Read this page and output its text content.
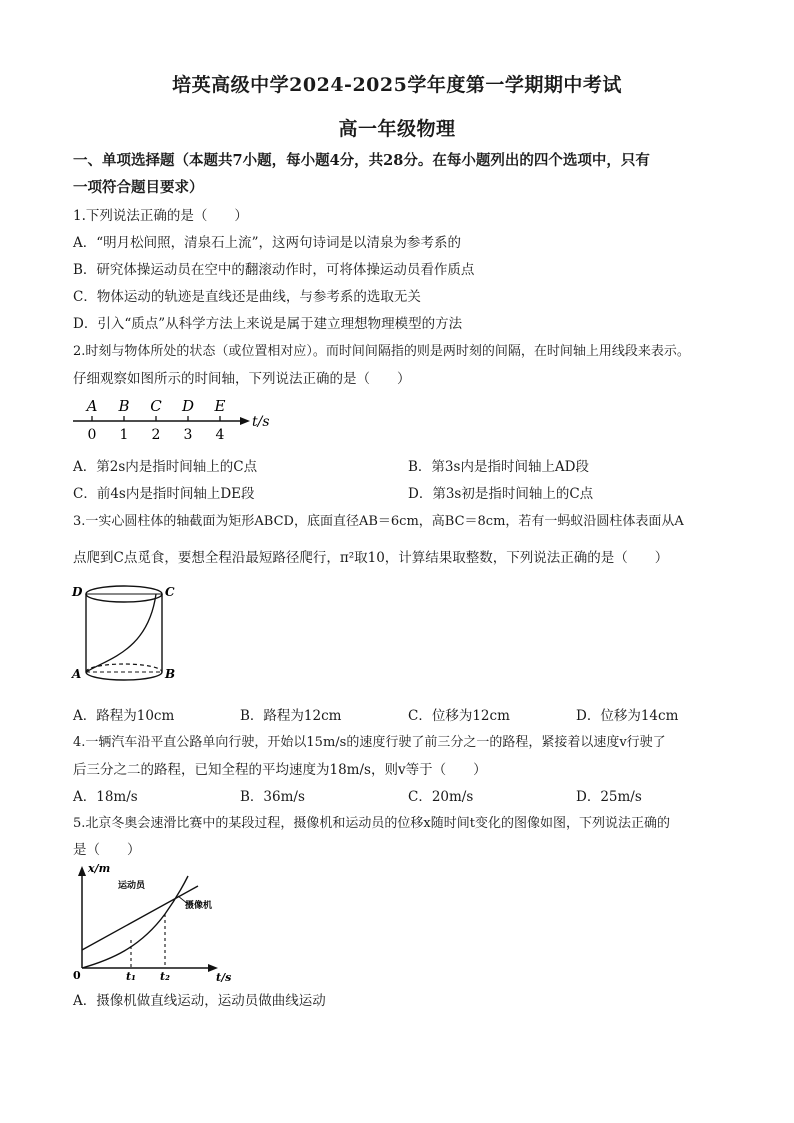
培英高级中学2024-2025学年度第一学期期中考试
高一年级物理
一、单项选择题（本题共7小题，每小题4分，共28分。在每小题列出的四个选项中，只有
一项符合题目要求）
1.下列说法正确的是（　　）
A．“明月松间照，清泉石上流”，这两句诗词是以清泉为参考系的
B．研究体操运动员在空中的翻滚动作时，可将体操运动员看作质点
C．物体运动的轨迹是直线还是曲线，与参考系的选取无关
D．引入“质点”从科学方法上来说是属于建立理想物理模型的方法
2.时刻与物体所处的状态（或位置相对应）。而时间间隔指的则是两时刻的间隔，在时间轴上用线段来表示。
仔细观察如图所示的时间轴，下列说法正确的是（　　）
A B C D E
0 1 2 3 4
t/s
A．第2s内是指时间轴上的C点	B．第3s内是指时间轴上AD段
C．前4s内是指时间轴上DE段	D．第3s初是指时间轴上的C点
3.一实心圆柱体的轴截面为矩形ABCD，底面直径AB＝6cm，高BC＝8cm，若有一蚂蚁沿圆柱体表面从A
点爬到C点觅食，要想全程沿最短路径爬行，π²取10，计算结果取整数，下列说法正确的是（　　）
D	C
A	B
A．路程为10cm	B．路程为12cm	C．位移为12cm	D．位移为14cm
4.一辆汽车沿平直公路单向行驶，开始以15m/s的速度行驶了前三分之一的路程，紧接着以速度v行驶了
后三分之二的路程，已知全程的平均速度为18m/s，则v等于（　　）
A．18m/s	B．36m/s	C．20m/s	D．25m/s
5.北京冬奥会速滑比赛中的某段过程，摄像机和运动员的位移x随时间t变化的图像如图，下列说法正确的
是（　　）
x/m
t/s
0	t₁ t₂
运动员
摄像机
A．摄像机做直线运动，运动员做曲线运动
